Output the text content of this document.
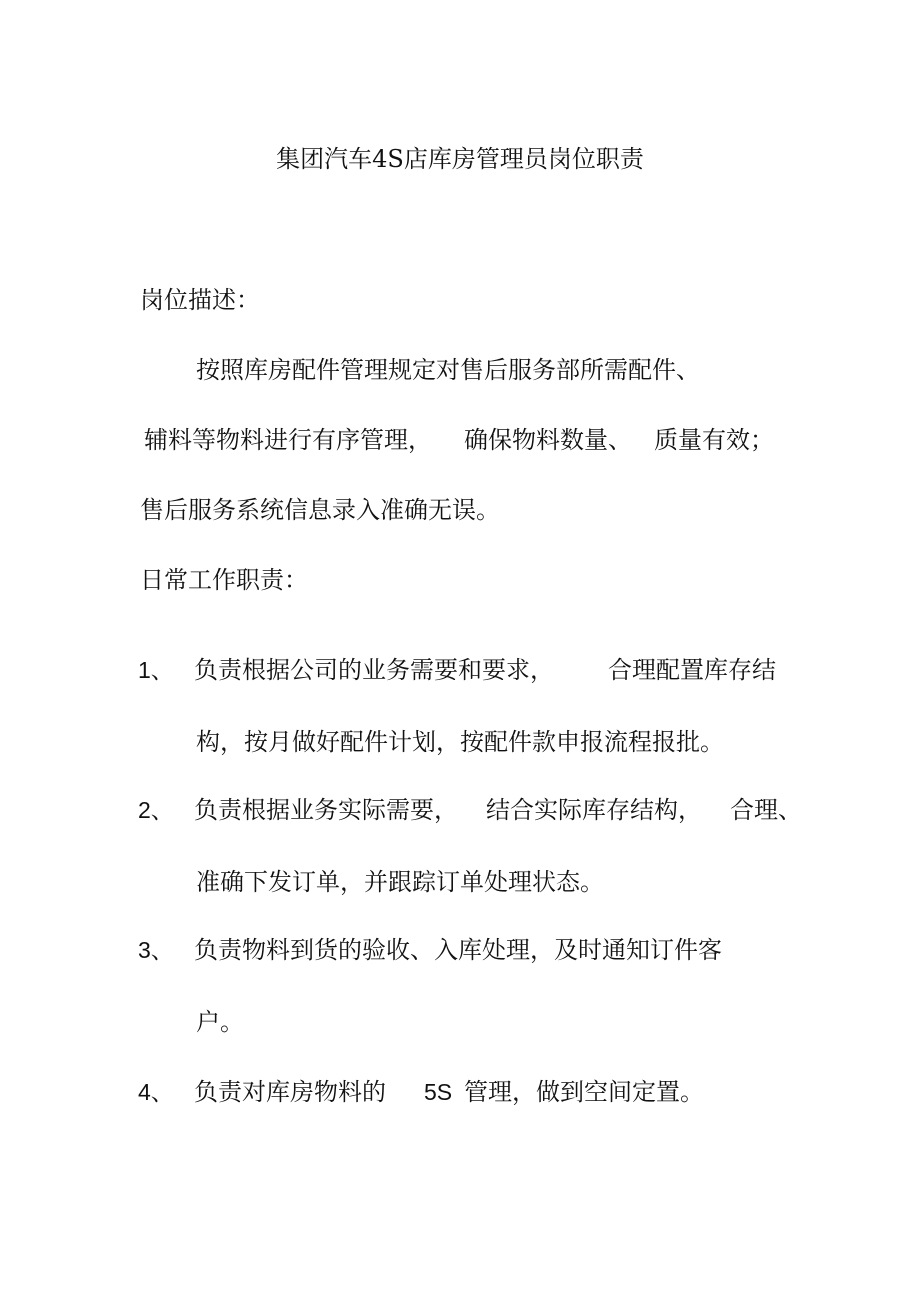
集团汽车4S店库房管理员岗位职责
岗位描述：
按照库房配件管理规定对售后服务部所需配件、
辅料等物料进行有序管理， 确保物料数量、 质量有效；
售后服务系统信息录入准确无误。
日常工作职责：
1、 负责根据公司的业务需要和要求， 合理配置库存结
构，按月做好配件计划，按配件款申报流程报批。
2、 负责根据业务实际需要， 结合实际库存结构， 合理、
准确下发订单，并跟踪订单处理状态。
3、 负责物料到货的验收、入库处理，及时通知订件客
户。
4、 负责对库房物料的 5S 管理，做到空间定置。
